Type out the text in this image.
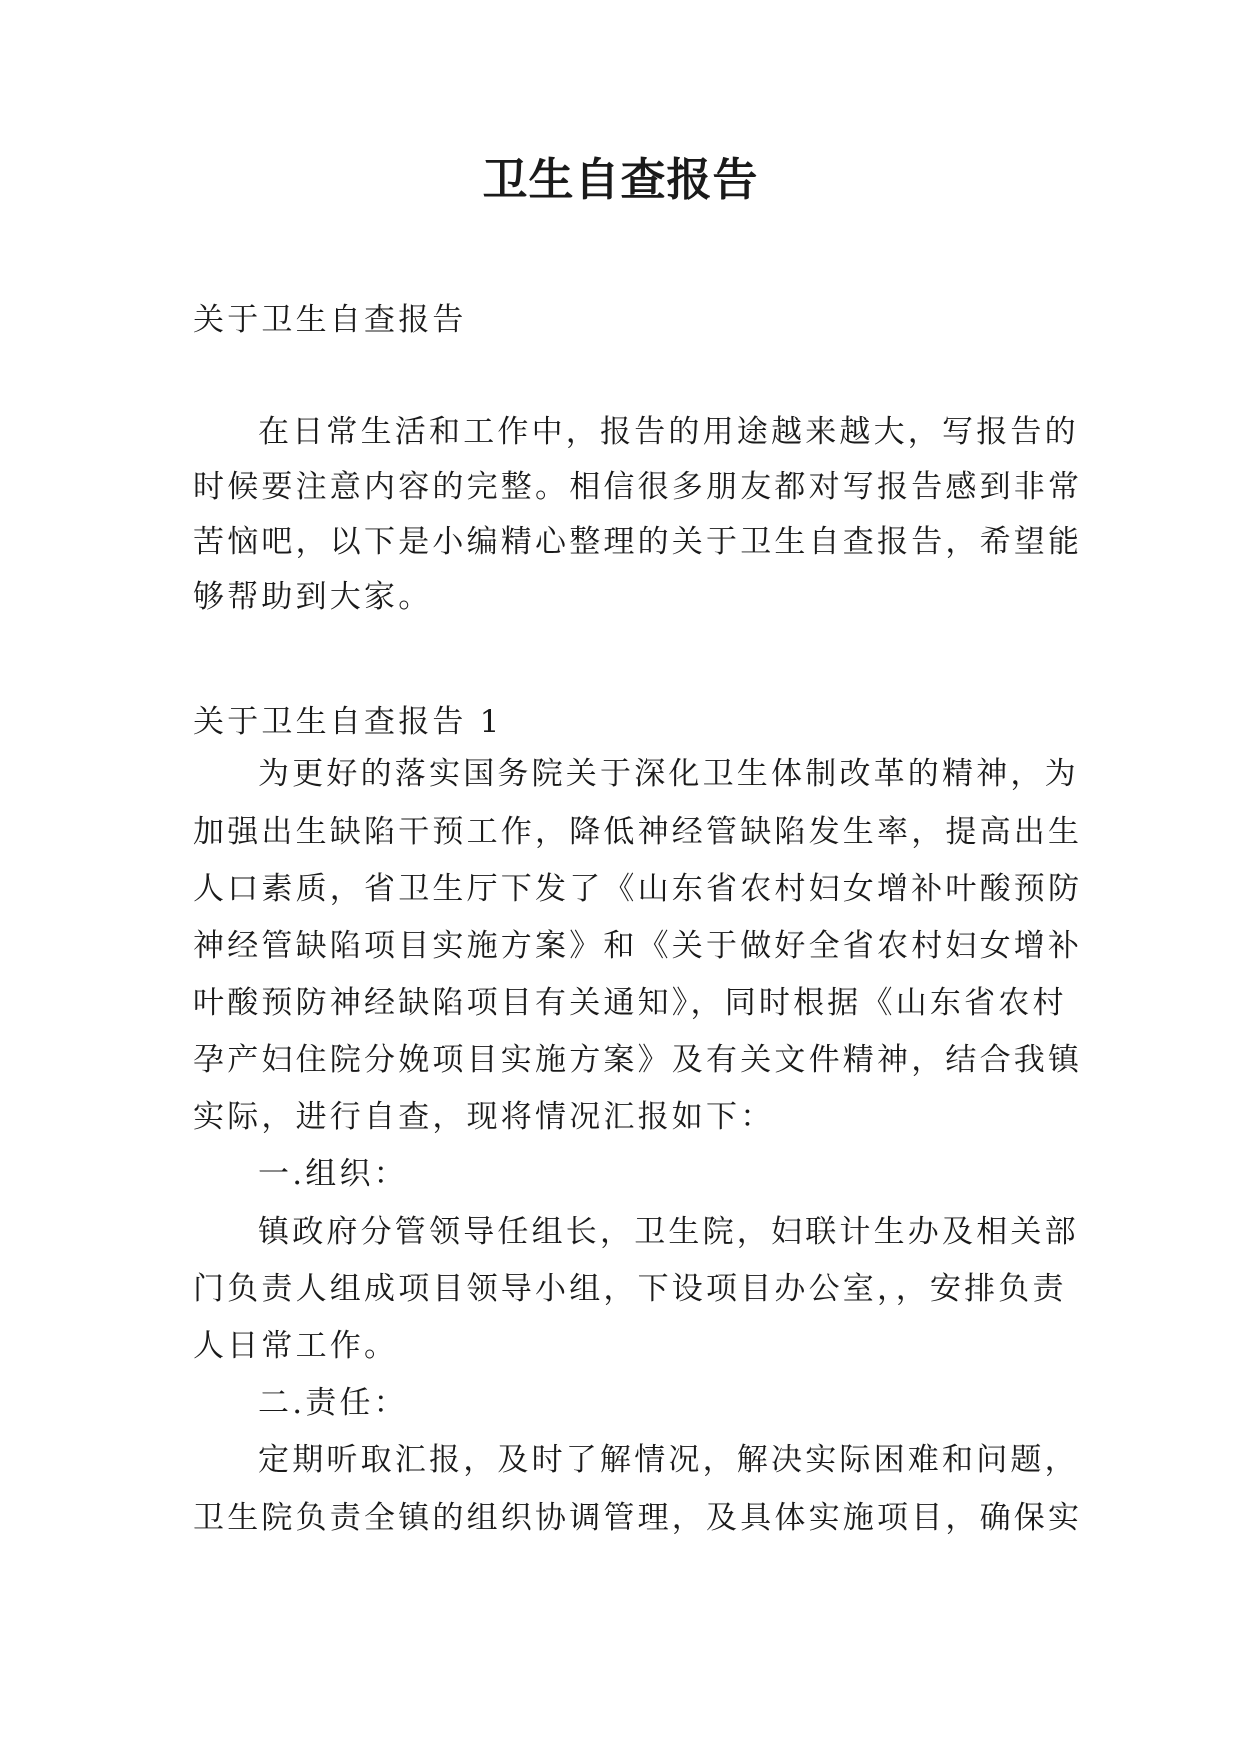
卫生自查报告

关于卫生自查报告

在日常生活和工作中，报告的用途越来越大，写报告的

时候要注意内容的完整。相信很多朋友都对写报告感到非常

苦恼吧，以下是小编精心整理的关于卫生自查报告，希望能

够帮助到大家。

关于卫生自查报告 1

为更好的落实国务院关于深化卫生体制改革的精神，为

加强出生缺陷干预工作，降低神经管缺陷发生率，提高出生

人口素质，省卫生厅下发了《山东省农村妇女增补叶酸预防

神经管缺陷项目实施方案》和《关于做好全省农村妇女增补

叶酸预防神经缺陷项目有关通知》，同时根据《山东省农村

孕产妇住院分娩项目实施方案》及有关文件精神，结合我镇

实际，进行自查，现将情况汇报如下：

一.组织：

镇政府分管领导任组长，卫生院，妇联计生办及相关部

门负责人组成项目领导小组，下设项目办公室，，安排负责

人日常工作。

二.责任：

定期听取汇报，及时了解情况，解决实际困难和问题，

卫生院负责全镇的组织协调管理，及具体实施项目，确保实
